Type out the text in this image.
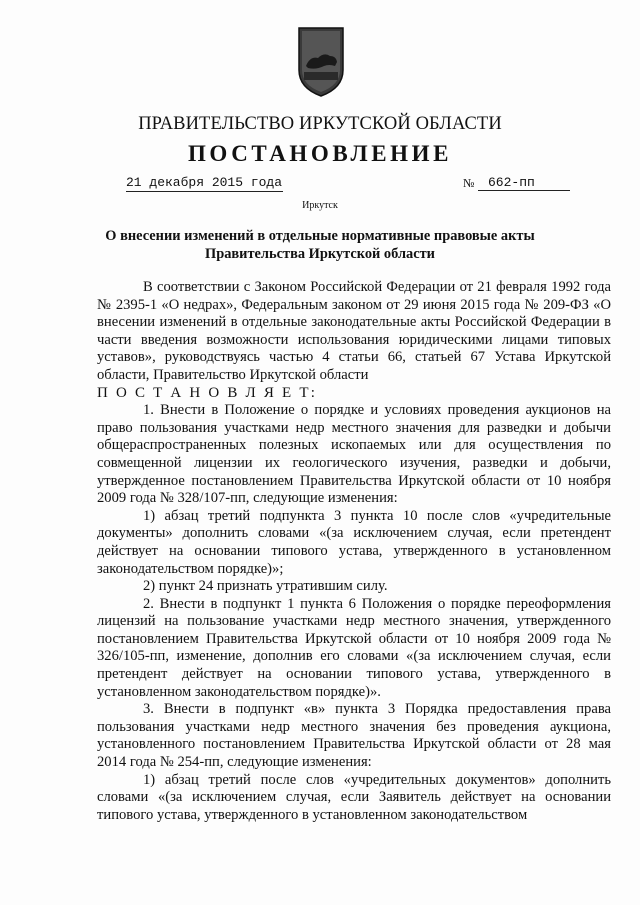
ПРАВИТЕЛЬСТВО ИРКУТСКОЙ ОБЛАСТИ
ПОСТАНОВЛЕНИЕ
21 декабря 2015 года	№	662-пп
Иркутск
О внесении изменений в отдельные нормативные правовые акты Правительства Иркутской области

В соответствии с Законом Российской Федерации от 21 февраля 1992 года № 2395-1 «О недрах», Федеральным законом от 29 июня 2015 года № 209-ФЗ «О внесении изменений в отдельные законодательные акты Российской Федерации в части введения возможности использования юридическими лицами типовых уставов», руководствуясь частью 4 статьи 66, статьей 67 Устава Иркутской области, Правительство Иркутской области

П О С Т А Н О В Л Я Е Т:

1. Внести в Положение о порядке и условиях проведения аукционов на право пользования участками недр местного значения для разведки и добычи общераспространенных полезных ископаемых или для осуществления по совмещенной лицензии их геологического изучения, разведки и добычи, утвержденное постановлением Правительства Иркутской области от 10 ноября 2009 года № 328/107-пп, следующие изменения:

1) абзац третий подпункта 3 пункта 10 после слов «учредительные документы» дополнить словами «(за исключением случая, если претендент действует на основании типового устава, утвержденного в установленном законодательством порядке)»;

2) пункт 24 признать утратившим силу.

2. Внести в подпункт 1 пункта 6 Положения о порядке переоформления лицензий на пользование участками недр местного значения, утвержденного постановлением Правительства Иркутской области от 10 ноября 2009 года № 326/105-пп, изменение, дополнив его словами «(за исключением случая, если претендент действует на основании типового устава, утвержденного в установленном законодательством порядке)».

3. Внести в подпункт «в» пункта 3 Порядка предоставления права пользования участками недр местного значения без проведения аукциона, установленного постановлением Правительства Иркутской области от 28 мая 2014 года № 254-пп, следующие изменения:

1) абзац третий после слов «учредительных документов» дополнить словами «(за исключением случая, если Заявитель действует на основании типового устава, утвержденного в установленном законодательством
